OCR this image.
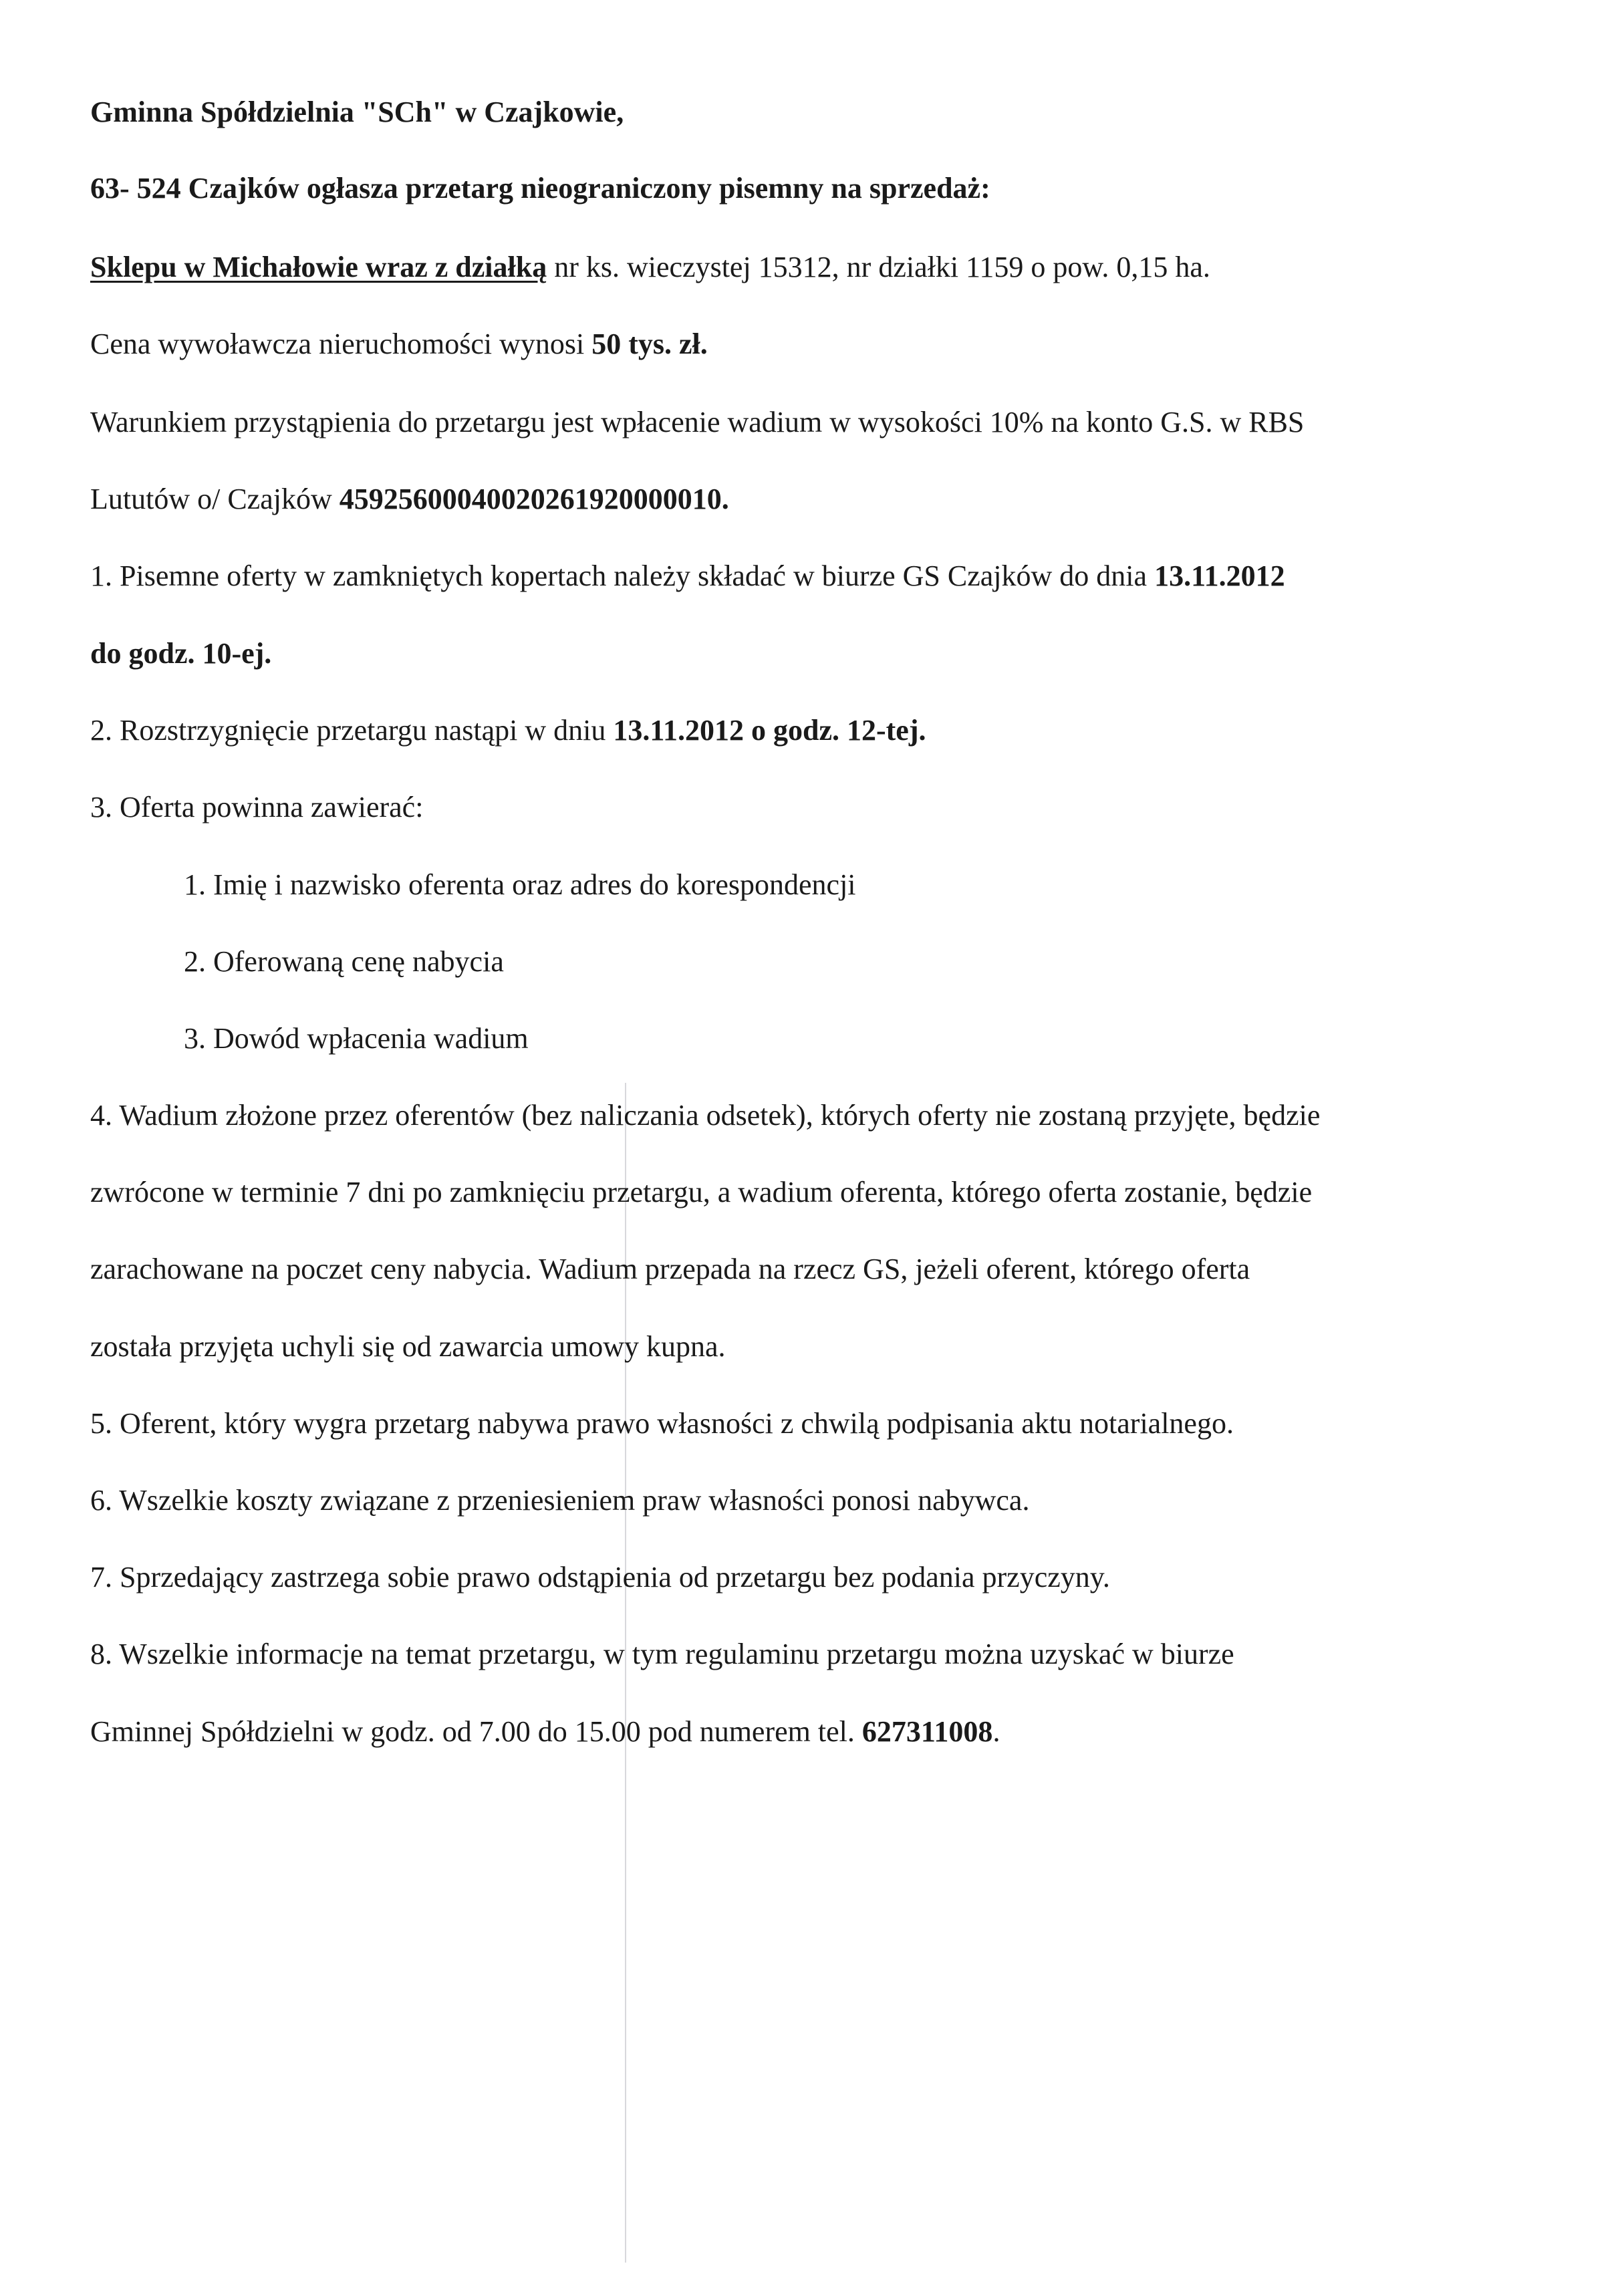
Gminna Spółdzielnia "SCh" w Czajkowie,
63- 524 Czajków ogłasza przetarg nieograniczony pisemny na sprzedaż:
Sklepu w Michałowie wraz z działką nr ks. wieczystej 15312, nr działki 1159 o pow. 0,15 ha.
Cena wywoławcza nieruchomości wynosi 50 tys. zł.
Warunkiem przystąpienia do przetargu jest wpłacenie wadium w wysokości 10% na konto G.S. w RBS
Lututów o/ Czajków 45925600040020261920000010.
1. Pisemne oferty w zamkniętych kopertach należy składać w biurze GS Czajków do dnia 13.11.2012
do godz. 10-ej.
2. Rozstrzygnięcie przetargu nastąpi w dniu 13.11.2012 o godz. 12-tej.
3. Oferta powinna zawierać:
1. Imię i nazwisko oferenta oraz adres do korespondencji
2. Oferowaną cenę nabycia
3. Dowód wpłacenia wadium
4. Wadium złożone przez oferentów (bez naliczania odsetek), których oferty nie zostaną przyjęte, będzie
zwrócone w terminie 7 dni po zamknięciu przetargu, a wadium oferenta, którego oferta zostanie, będzie
zarachowane na poczet ceny nabycia. Wadium przepada na rzecz GS, jeżeli oferent, którego oferta
została przyjęta uchyli się od zawarcia umowy kupna.
5. Oferent, który wygra przetarg nabywa prawo własności z chwilą podpisania aktu notarialnego.
6. Wszelkie koszty związane z przeniesieniem praw własności ponosi nabywca.
7. Sprzedający zastrzega sobie prawo odstąpienia od przetargu bez podania przyczyny.
8. Wszelkie informacje na temat przetargu, w tym regulaminu przetargu można uzyskać w biurze
Gminnej Spółdzielni w godz. od 7.00 do 15.00 pod numerem tel. 627311008.
